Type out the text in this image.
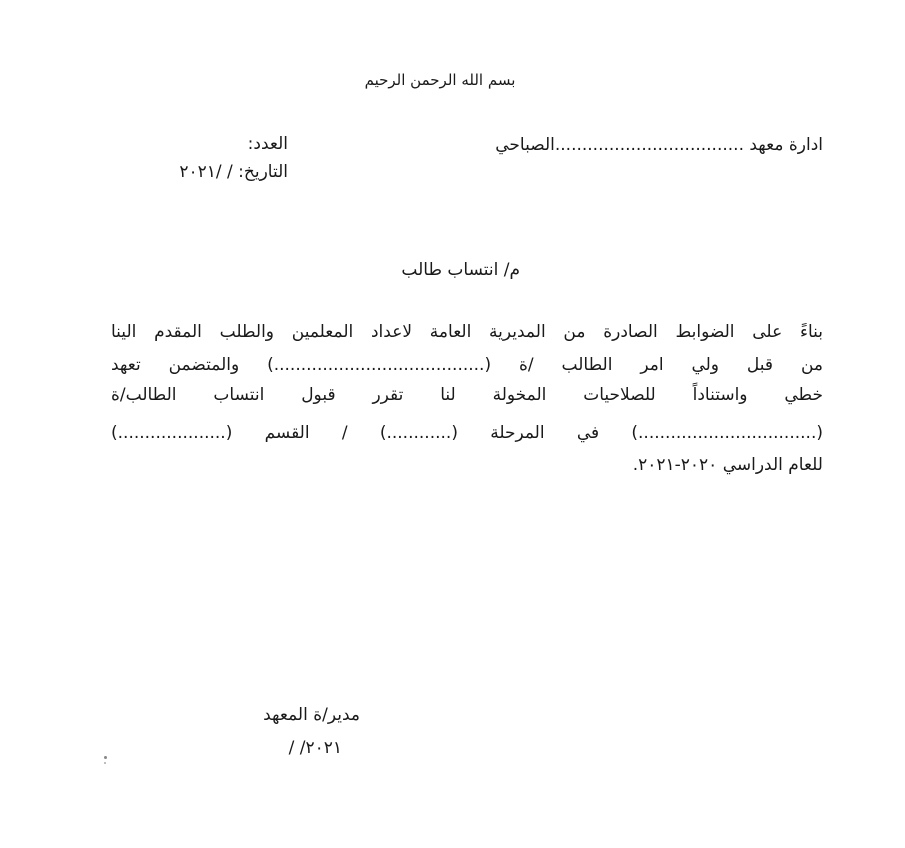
بسم الله الرحمن الرحيم
ادارة معهد ...................................الصباحي
العدد:
التاريخ: / /٢٠٢١
م/ انتساب طالب
بناءً على الضوابط الصادرة من المديرية العامة لاعداد المعلمين والطلب المقدم الينا
من قبل ولي امر الطالب /ة (.......................................) والمتضمن تعهد
خطي واستناداً للصلاحيات المخولة لنا تقرر قبول انتساب الطالب/ة
(.................................) في المرحلة (............) / القسم (....................)
للعام الدراسي ٢٠٢٠-٢٠٢١.
مدير/ة المعهد
/ /٢٠٢١
